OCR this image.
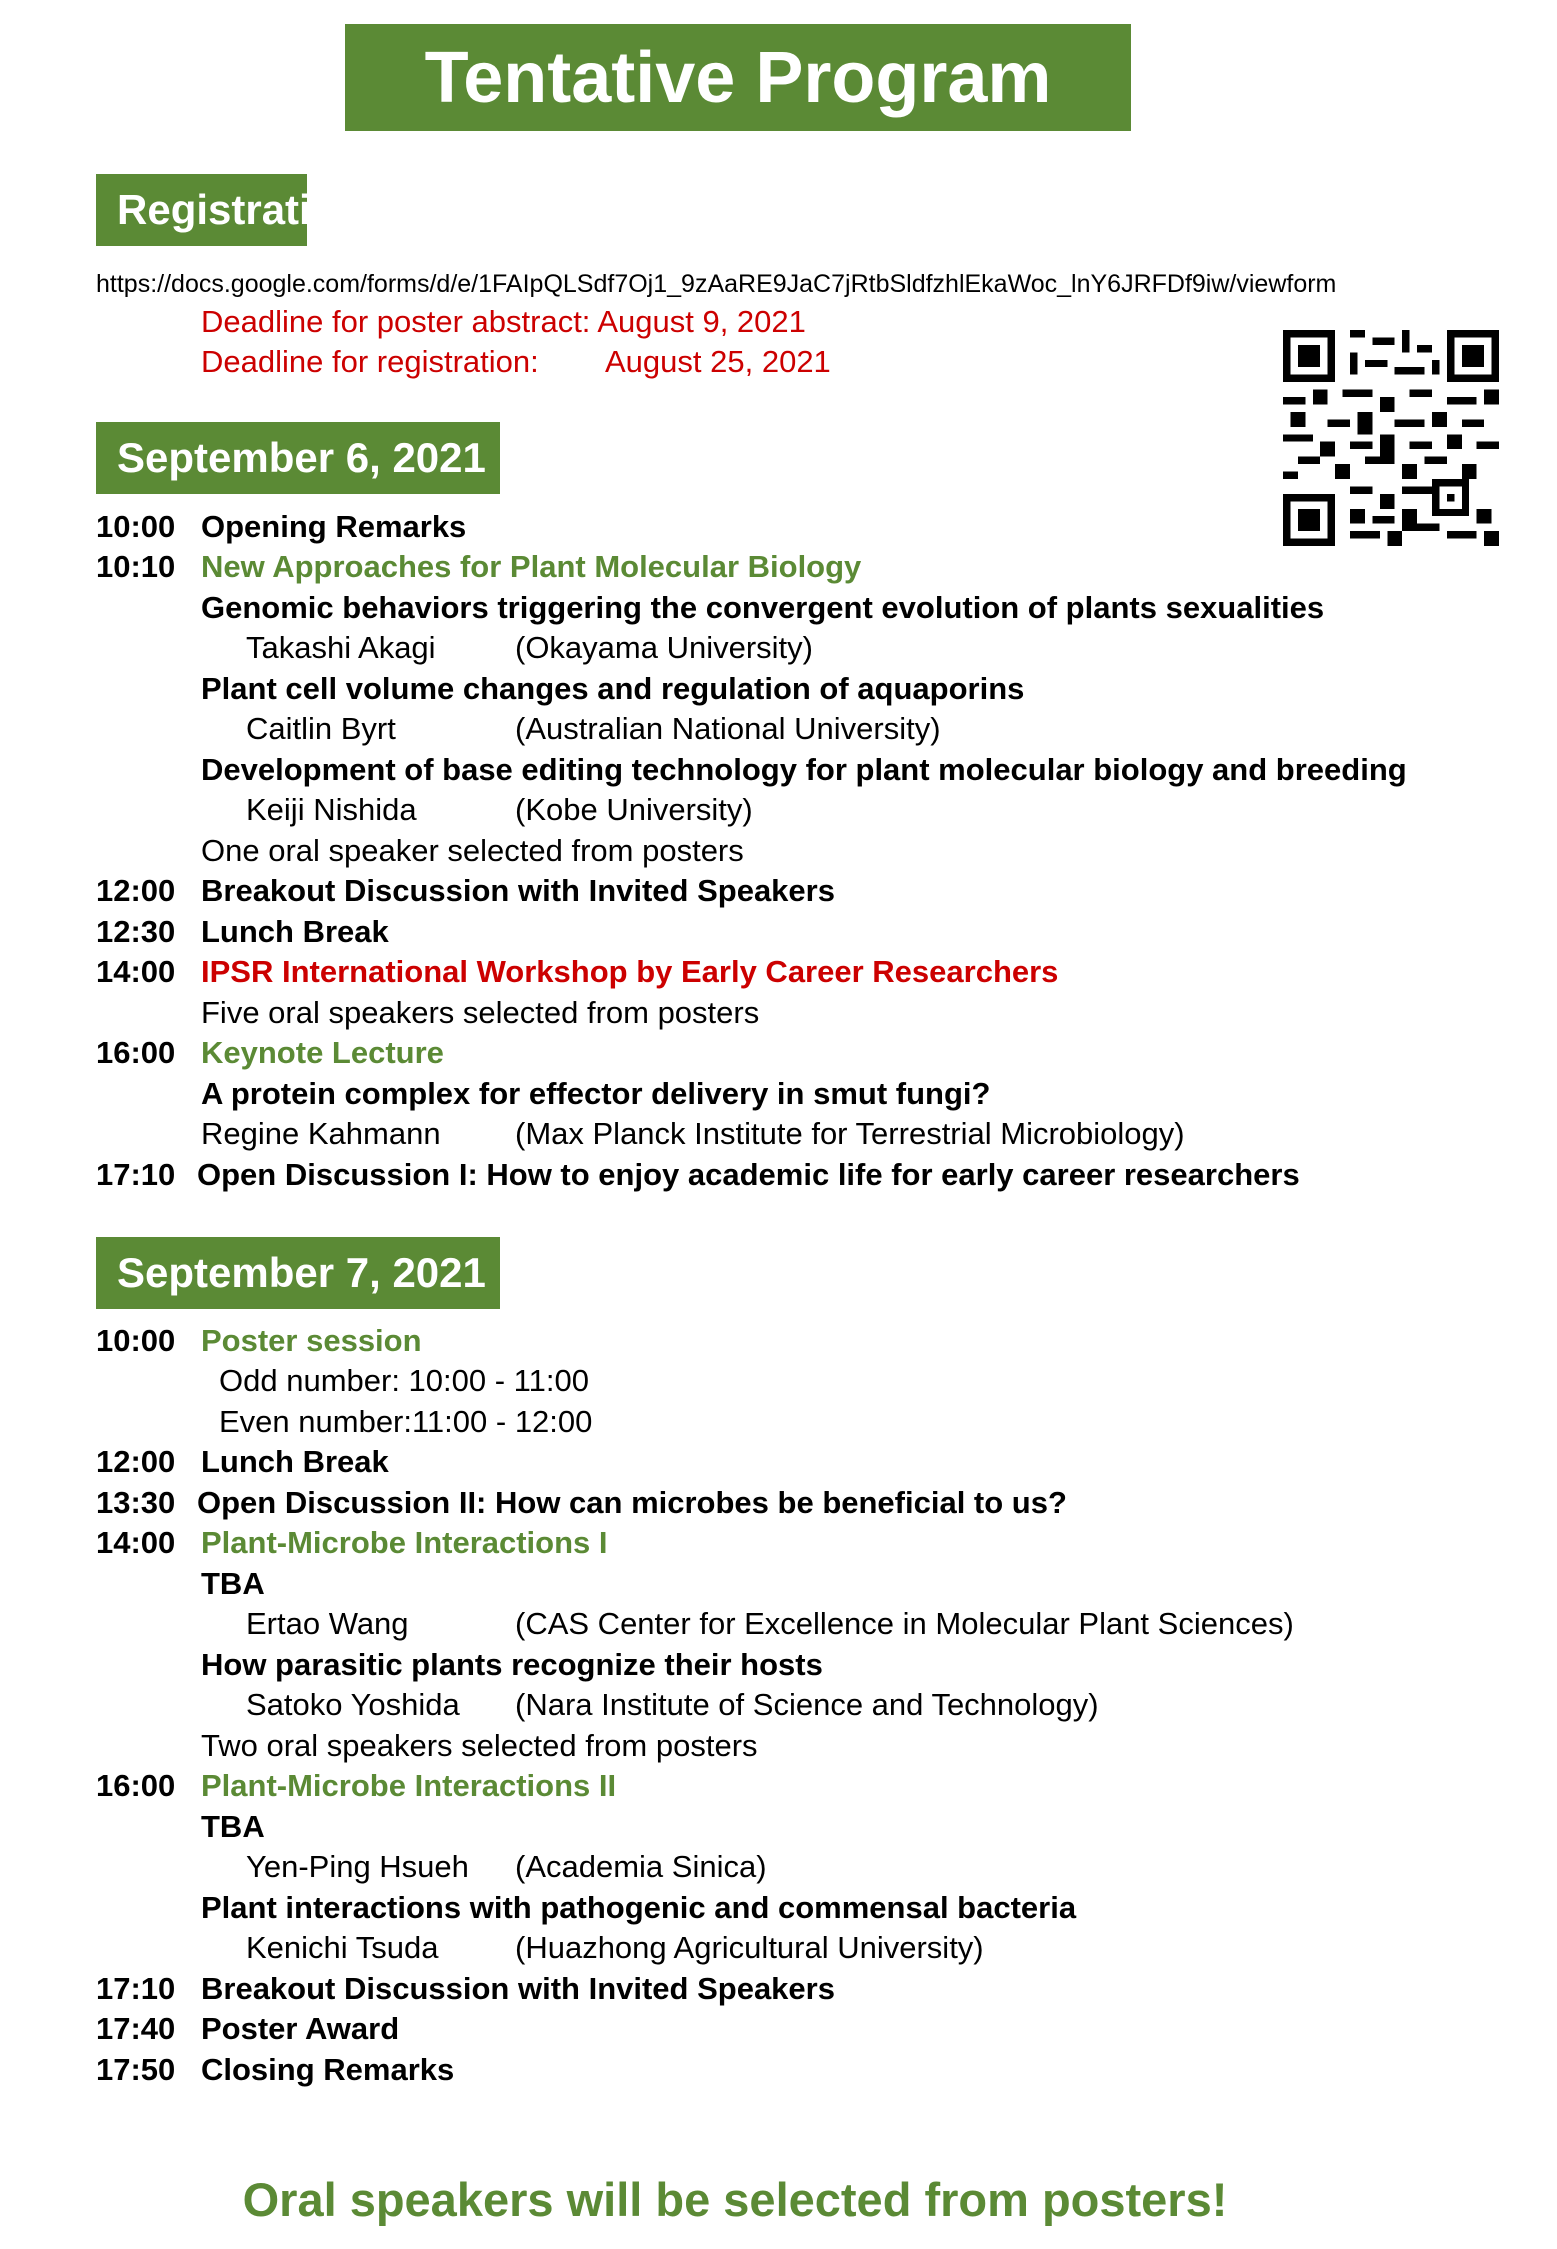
Tentative Program
Registration
https://docs.google.com/forms/d/e/1FAIpQLSdf7Oj1_9zAaRE9JaC7jRtbSldfzhlEkaWoc_lnY6JRFDf9iw/viewform
Deadline for poster abstract: August 9, 2021
Deadline for registration: August 25, 2021
September 6, 2021
10:00 Opening Remarks
10:10 New Approaches for Plant Molecular Biology
Genomic behaviors triggering the convergent evolution of plants sexualities
Takashi Akagi	(Okayama University)
Plant cell volume changes and regulation of aquaporins
Caitlin Byrt	(Australian National University)
Development of base editing technology for plant molecular biology and breeding
Keiji Nishida	(Kobe University)
One oral speaker selected from posters
12:00 Breakout Discussion with Invited Speakers
12:30 Lunch Break
14:00 IPSR International Workshop by Early Career Researchers
Five oral speakers selected from posters
16:00 Keynote Lecture
A protein complex for effector delivery in smut fungi?
Regine Kahmann (Max Planck Institute for Terrestrial Microbiology)
17:10 Open Discussion I: How to enjoy academic life for early career researchers
September 7, 2021
10:00 Poster session
Odd number: 10:00 - 11:00
Even number:11:00 - 12:00
12:00 Lunch Break
13:30 Open Discussion II: How can microbes be beneficial to us?
14:00 Plant-Microbe Interactions I
TBA
Ertao Wang	(CAS Center for Excellence in Molecular Plant Sciences)
How parasitic plants recognize their hosts
Satoko Yoshida (Nara Institute of Science and Technology)
Two oral speakers selected from posters
16:00 Plant-Microbe Interactions II
TBA
Yen-Ping Hsueh (Academia Sinica)
Plant interactions with pathogenic and commensal bacteria
Kenichi Tsuda (Huazhong Agricultural University)
17:10 Breakout Discussion with Invited Speakers
17:40 Poster Award
17:50 Closing Remarks
Oral speakers will be selected from posters!
